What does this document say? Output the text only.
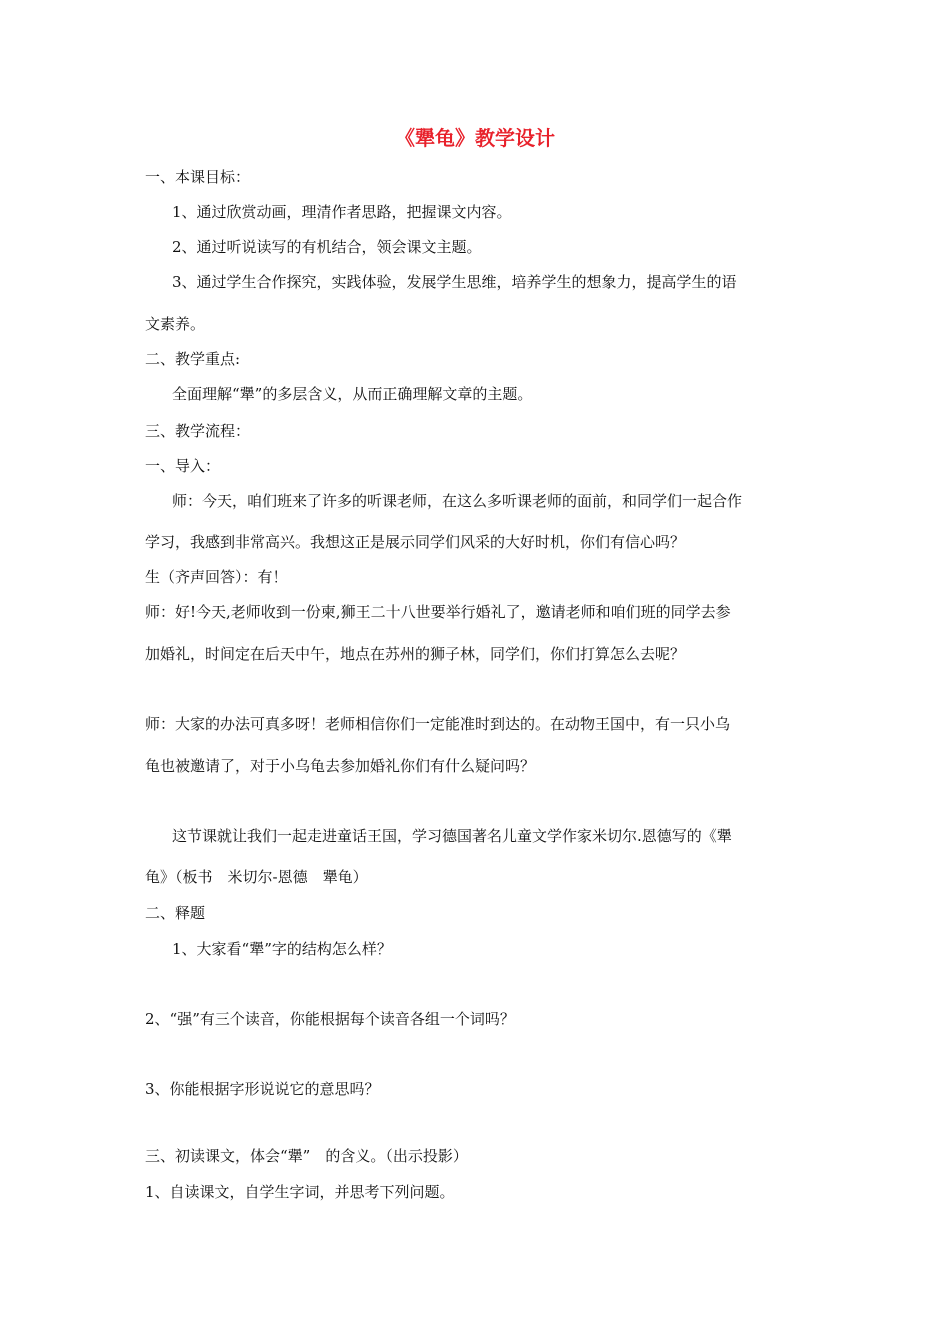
《犟龟》教学设计
一、本课目标：
1、通过欣赏动画，理清作者思路，把握课文内容。
2、通过听说读写的有机结合，领会课文主题。
3、通过学生合作探究，实践体验，发展学生思维，培养学生的想象力，提高学生的语
文素养。
二、教学重点:
全面理解“犟”的多层含义，从而正确理解文章的主题。
三、教学流程：
一、导入：
师：今天，咱们班来了许多的听课老师，在这么多听课老师的面前，和同学们一起合作
学习，我感到非常高兴。我想这正是展示同学们风采的大好时机，你们有信心吗？
生（齐声回答）：有！
师：好!今天,老师收到一份柬,狮王二十八世要举行婚礼了，邀请老师和咱们班的同学去参
加婚礼，时间定在后天中午，地点在苏州的狮子林，同学们，你们打算怎么去呢？
师：大家的办法可真多呀！老师相信你们一定能准时到达的。在动物王国中，有一只小乌
龟也被邀请了，对于小乌龟去参加婚礼你们有什么疑问吗？
这节课就让我们一起走进童话王国，学习德国著名儿童文学作家米切尔.恩德写的《犟
龟》（板书　米切尔-恩德　犟龟）
二、释题
1、大家看“犟”字的结构怎么样？
2、“强”有三个读音，你能根据每个读音各组一个词吗？
3、你能根据字形说说它的意思吗？
三、初读课文，体会“犟”　的含义。（出示投影）
1、自读课文，自学生字词，并思考下列问题。
